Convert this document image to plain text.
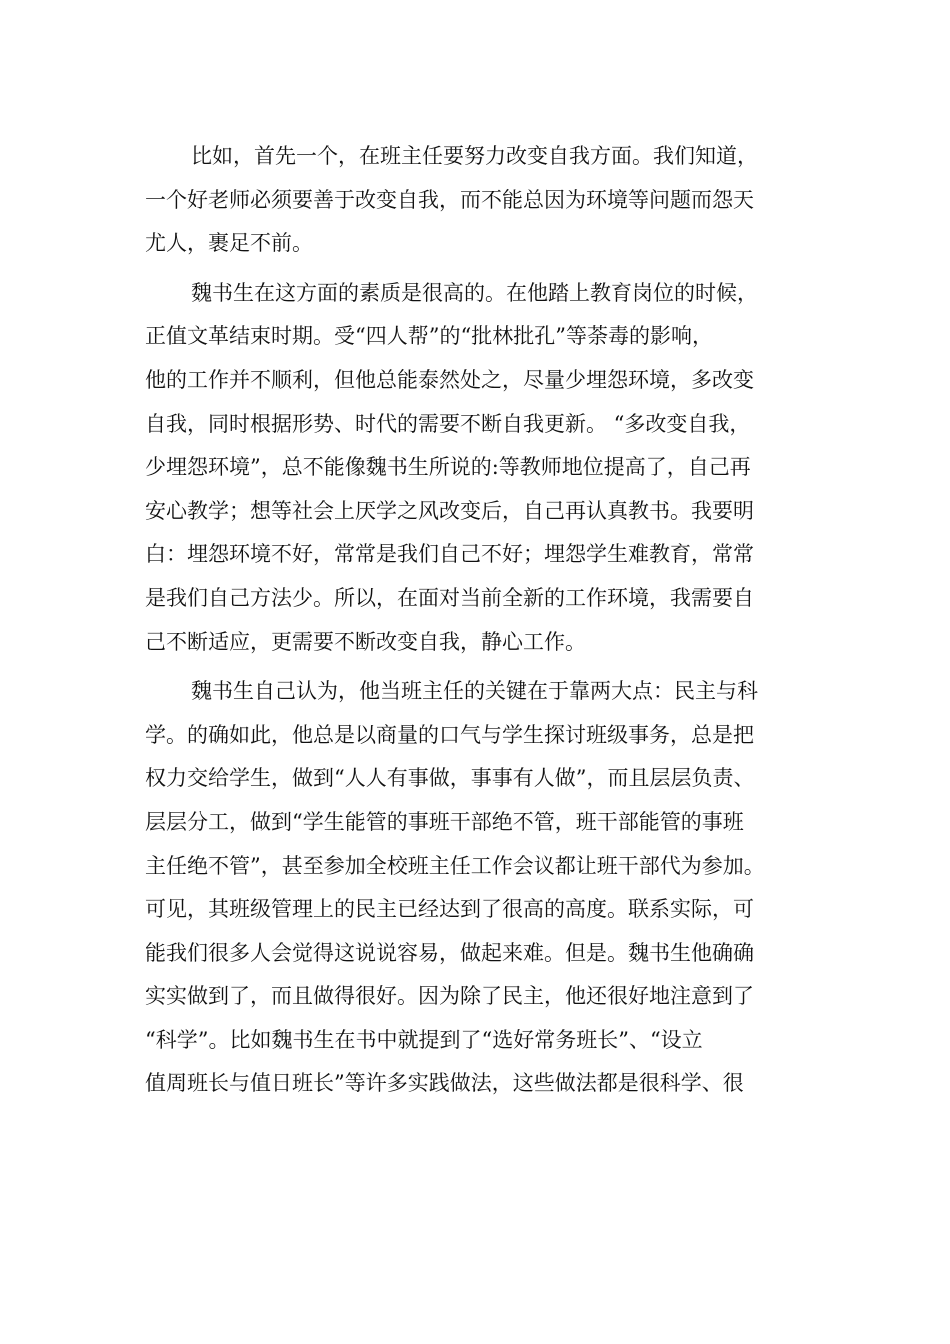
比如，首先一个，在班主任要努力改变自我方面。我们知道，
一个好老师必须要善于改变自我，而不能总因为环境等问题而怨天
尤人，裹足不前。
魏书生在这方面的素质是很高的。在他踏上教育岗位的时候，
正值文革结束时期。受“四人帮”的“批林批孔”等荼毒的影响，
他的工作并不顺利，但他总能泰然处之，尽量少埋怨环境，多改变
自我，同时根据形势、时代的需要不断自我更新。 “多改变自我，
少埋怨环境”，总不能像魏书生所说的:等教师地位提高了，自己再
安心教学；想等社会上厌学之风改变后，自己再认真教书。我要明
白：埋怨环境不好，常常是我们自己不好；埋怨学生难教育，常常
是我们自己方法少。所以，在面对当前全新的工作环境，我需要自
己不断适应，更需要不断改变自我，静心工作。
魏书生自己认为，他当班主任的关键在于靠两大点：民主与科
学。的确如此，他总是以商量的口气与学生探讨班级事务，总是把
权力交给学生，做到“人人有事做，事事有人做”，而且层层负责、
层层分工，做到“学生能管的事班干部绝不管，班干部能管的事班
主任绝不管”，甚至参加全校班主任工作会议都让班干部代为参加。
可见，其班级管理上的民主已经达到了很高的高度。联系实际，可
能我们很多人会觉得这说说容易，做起来难。但是。魏书生他确确
实实做到了，而且做得很好。因为除了民主，他还很好地注意到了
“科学”。比如魏书生在书中就提到了“选好常务班长”、“设立
值周班长与值日班长”等许多实践做法，这些做法都是很科学、很
